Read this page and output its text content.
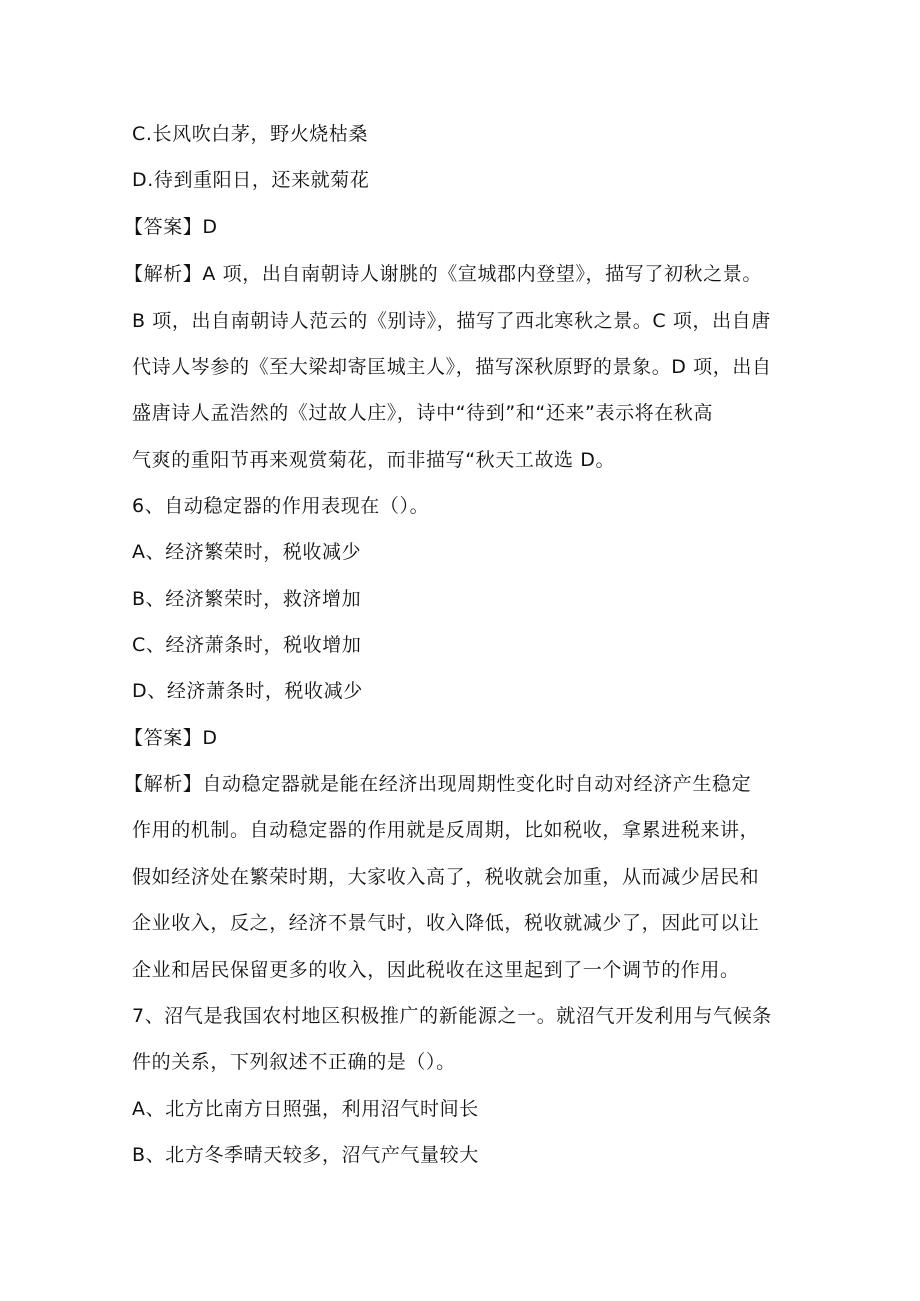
C.长风吹白茅，野火烧枯桑

D.待到重阳日，还来就菊花

【答案】D

【解析】A 项，出自南朝诗人谢朓的《宣城郡内登望》，描写了初秋之景。

B 项，出自南朝诗人范云的《别诗》，描写了西北寒秋之景。C 项，出自唐

代诗人岑参的《至大梁却寄匡城主人》，描写深秋原野的景象。D 项，出自

盛唐诗人孟浩然的《过故人庄》，诗中“待到”和“还来”表示将在秋高

气爽的重阳节再来观赏菊花，而非描写“秋天工故选 D。

6、自动稳定器的作用表现在（）。

A、经济繁荣时，税收减少

B、经济繁荣时，救济增加

C、经济萧条时，税收增加

D、经济萧条时，税收减少

【答案】D

【解析】自动稳定器就是能在经济出现周期性变化时自动对经济产生稳定

作用的机制。自动稳定器的作用就是反周期，比如税收，拿累进税来讲，

假如经济处在繁荣时期，大家收入高了，税收就会加重，从而减少居民和

企业收入，反之，经济不景气时，收入降低，税收就减少了，因此可以让

企业和居民保留更多的收入，因此税收在这里起到了一个调节的作用。

7、沼气是我国农村地区积极推广的新能源之一。就沼气开发利用与气候条

件的关系，下列叙述不正确的是（）。

A、北方比南方日照强，利用沼气时间长

B、北方冬季晴天较多，沼气产气量较大
